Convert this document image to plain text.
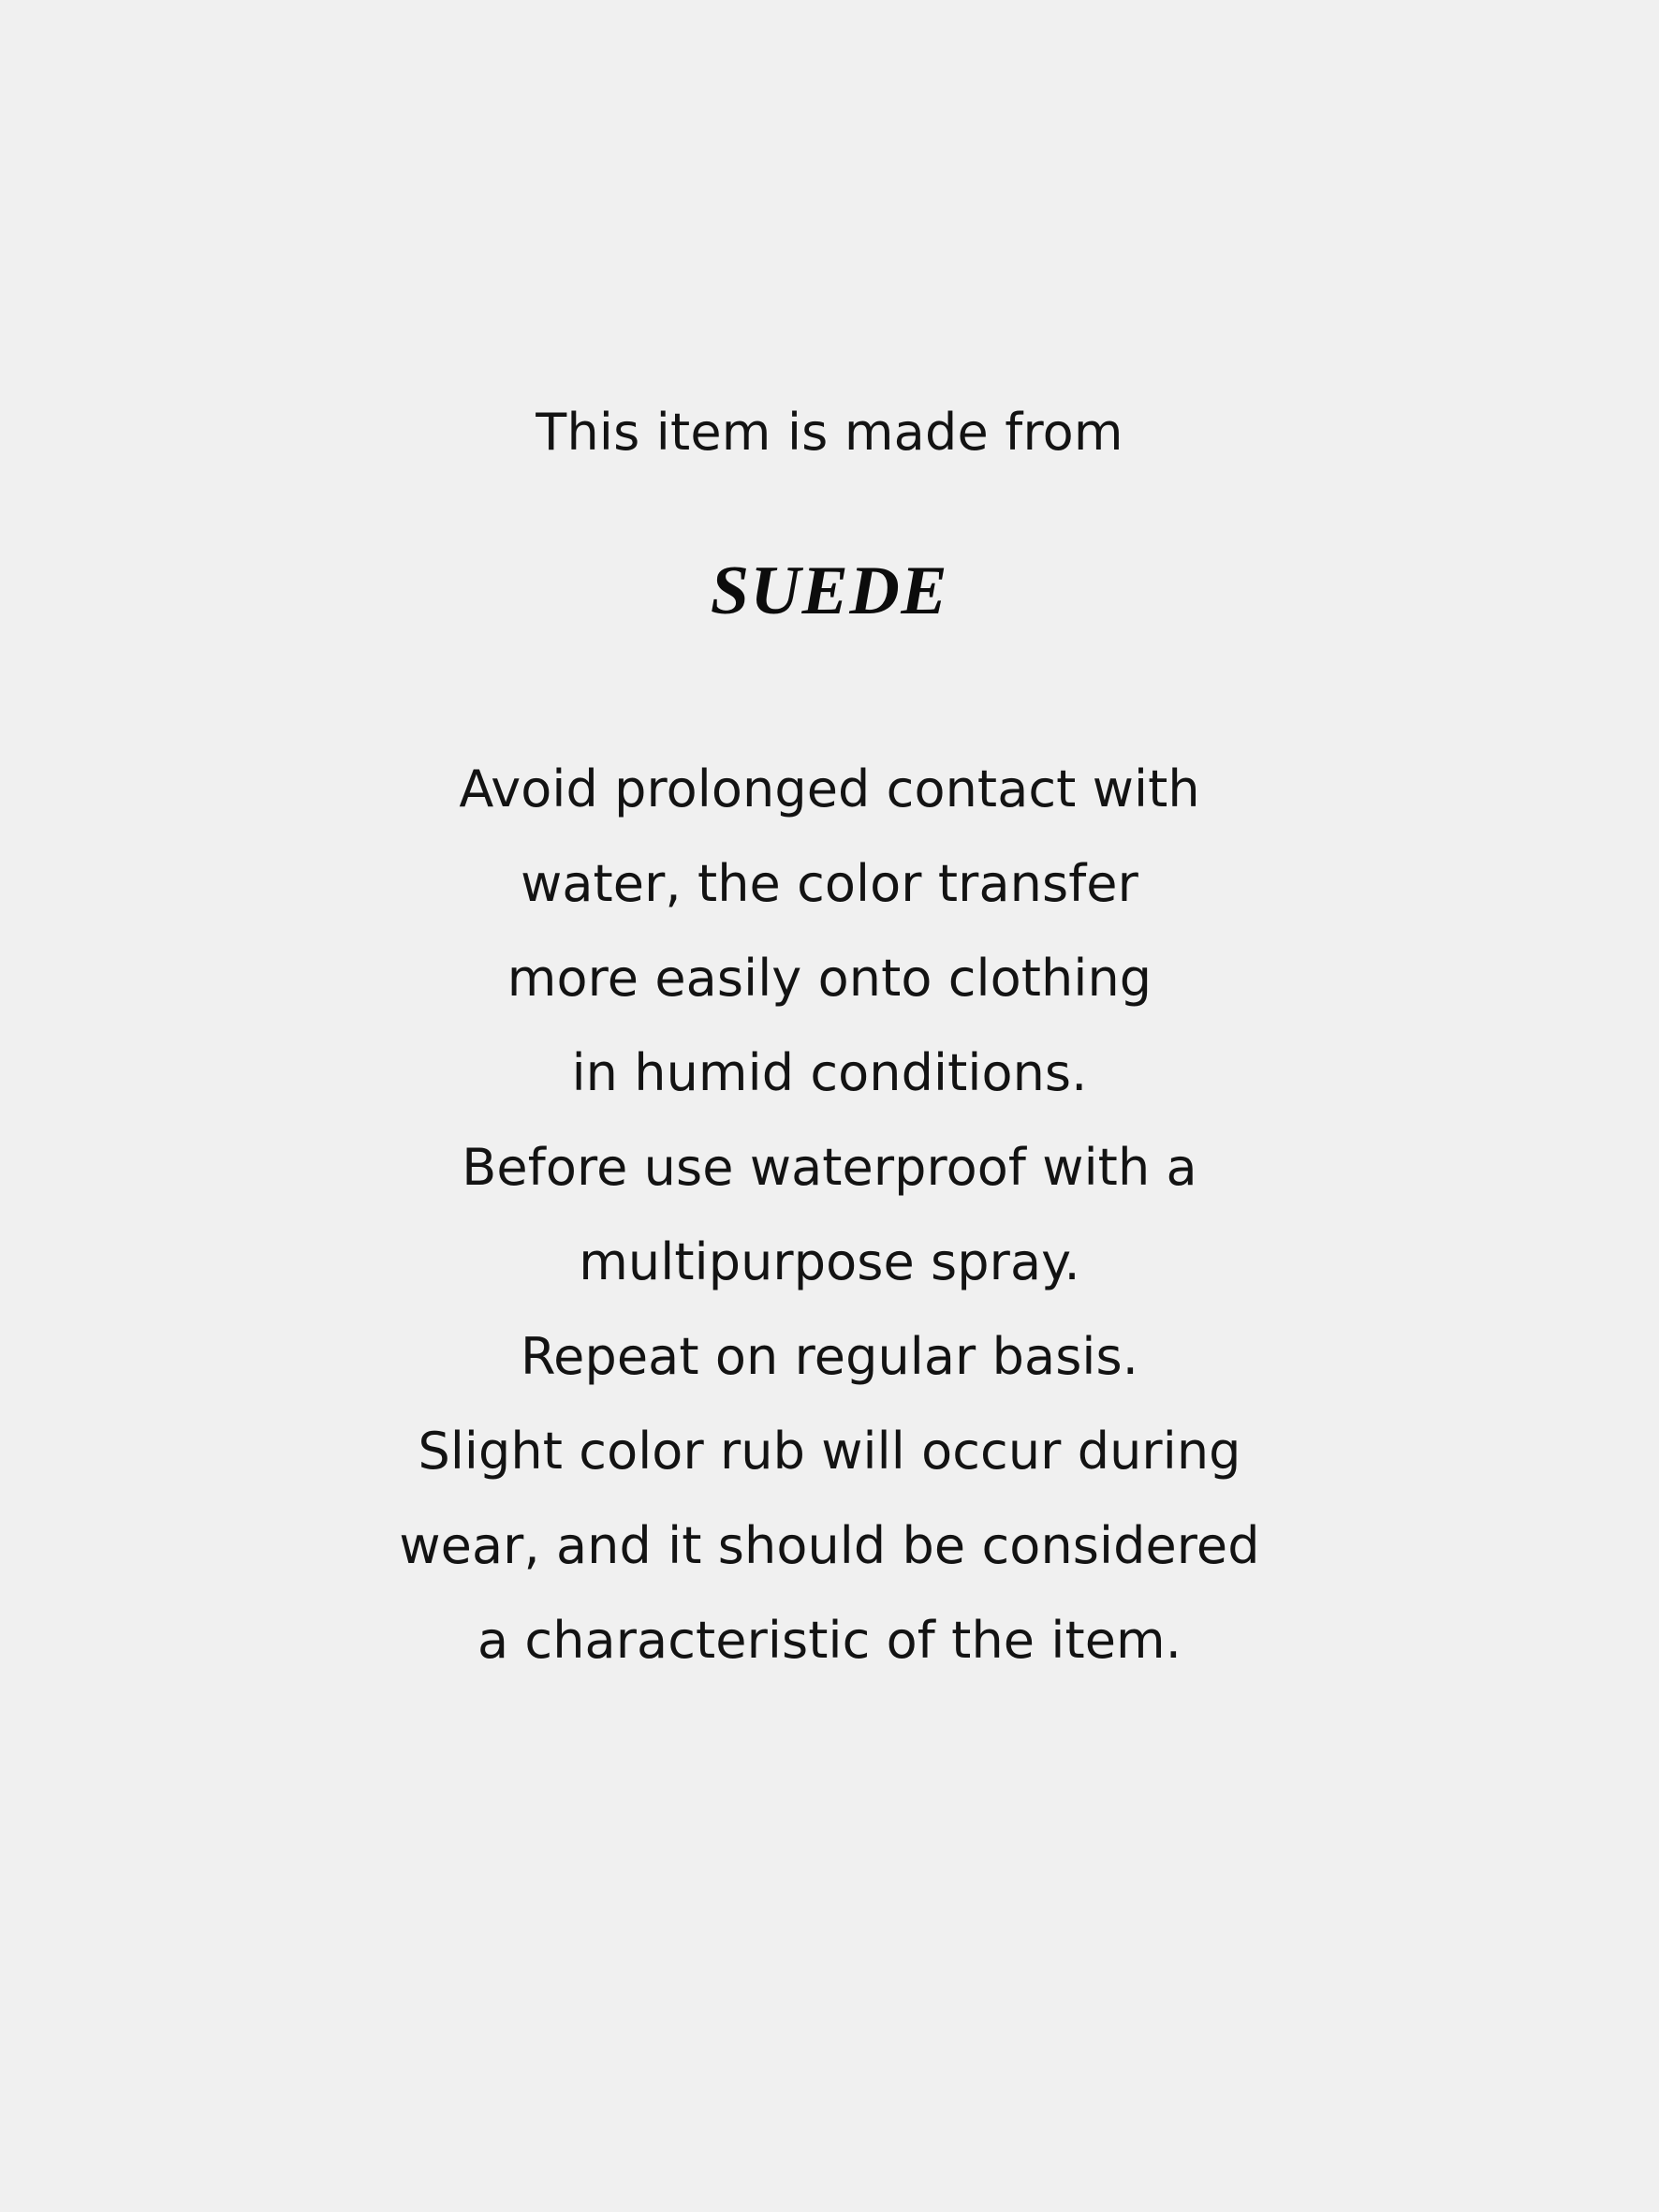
This item is made from

SUEDE

Avoid prolonged contact with
water, the color transfer
more easily onto clothing
in humid conditions.
Before use waterproof with a
multipurpose spray.
Repeat on regular basis.
Slight color rub will occur during
wear, and it should be considered
a characteristic of the item.
